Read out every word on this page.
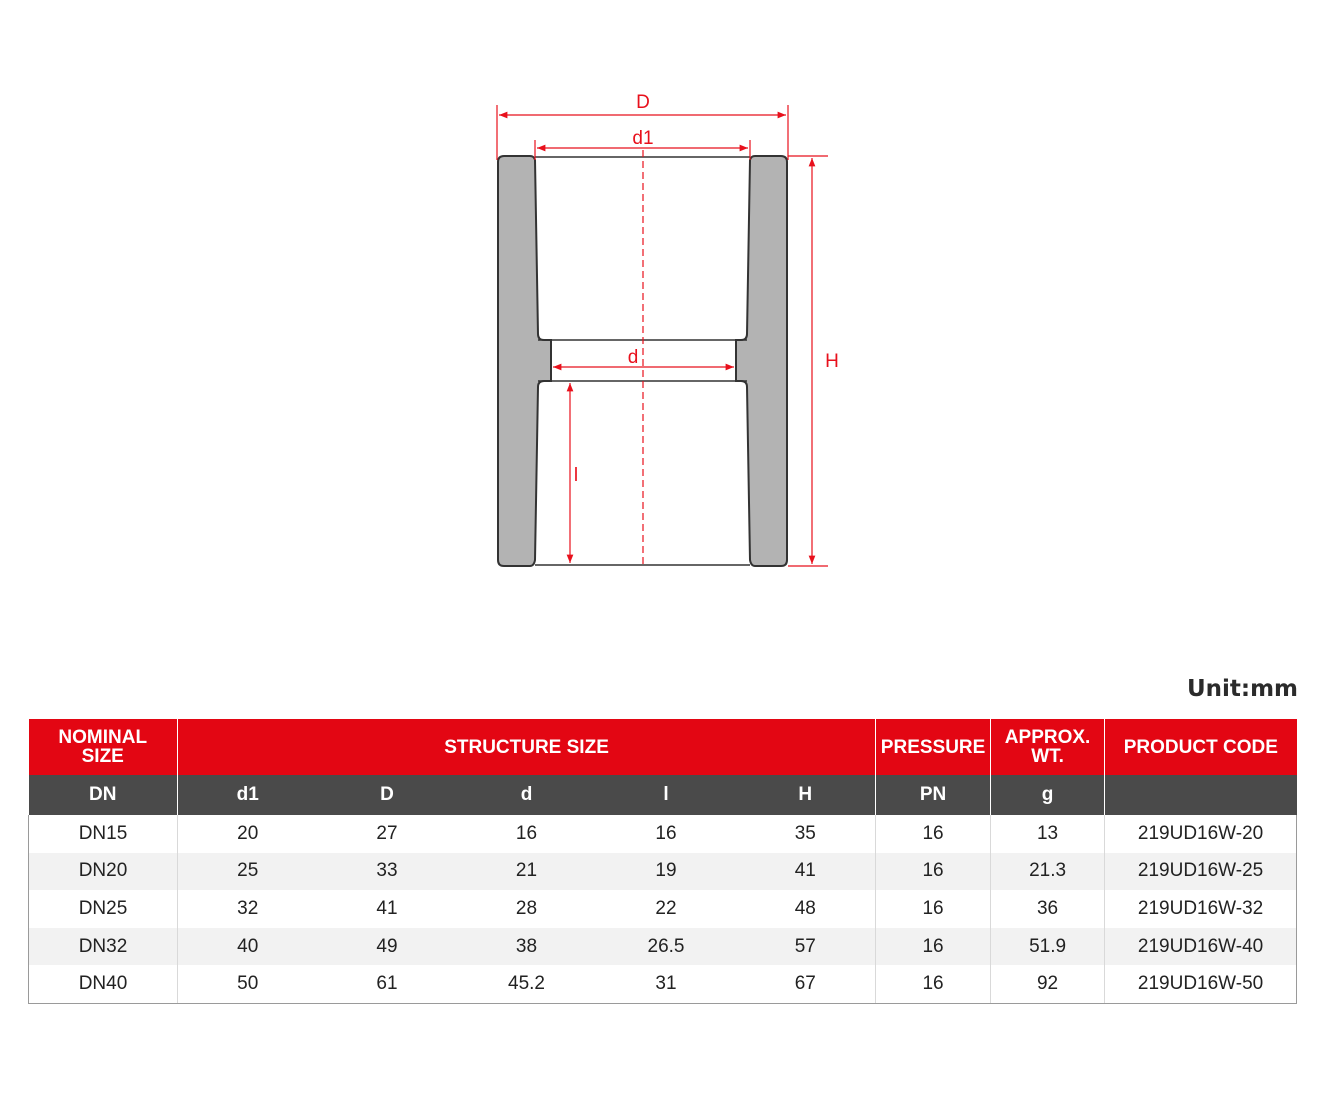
D
d1
d
l
H
Unit:mm
NOMINAL SIZE	STRUCTURE SIZE					PRESSURE	APPROX. WT.	PRODUCT CODE
DN	d1	D	d	l	H	PN	g	
DN15	20	27	16	16	35	16	13	219UD16W-20
DN20	25	33	21	19	41	16	21.3	219UD16W-25
DN25	32	41	28	22	48	16	36	219UD16W-32
DN32	40	49	38	26.5	57	16	51.9	219UD16W-40
DN40	50	61	45.2	31	67	16	92	219UD16W-50
